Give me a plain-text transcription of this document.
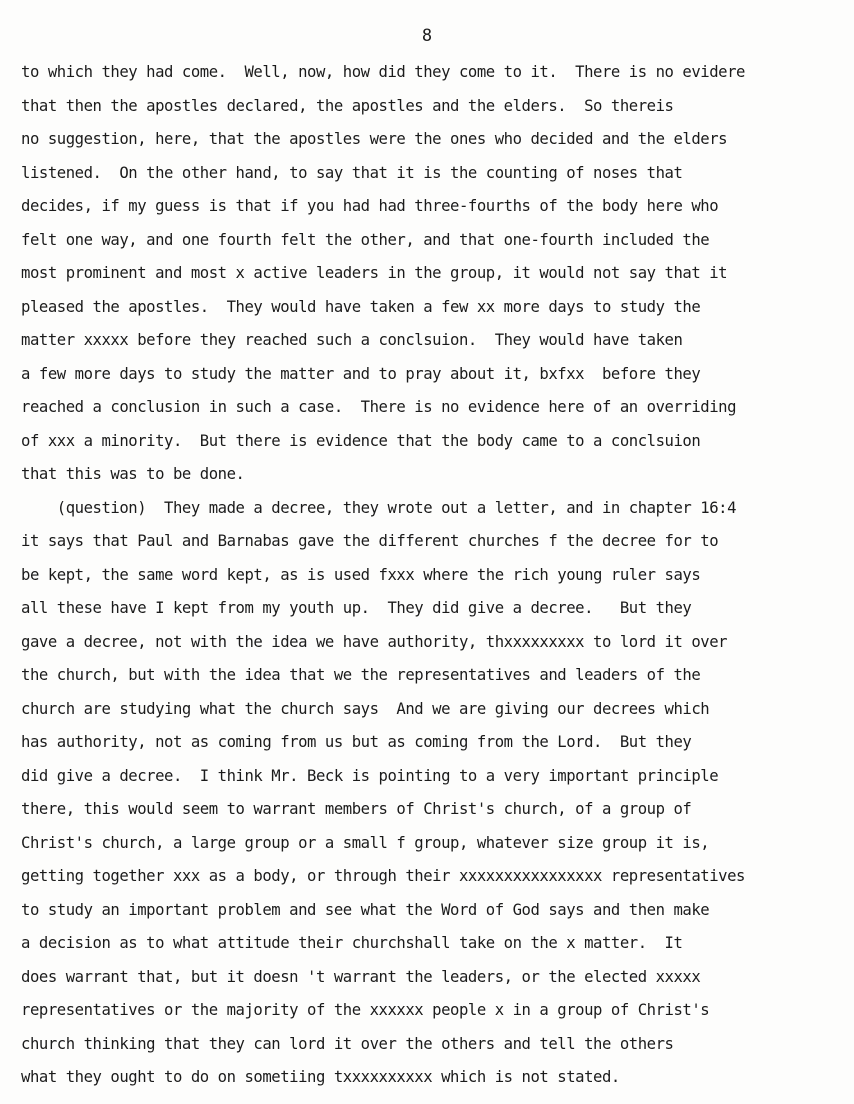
8
to which they had come.  Well, now, how did they come to it.  There is no evidere
that then the apostles declared, the apostles and the elders.  So thereis
no suggestion, here, that the apostles were the ones who decided and the elders
listened.  On the other hand, to say that it is the counting of noses that
decides, if my guess is that if you had had three-fourths of the body here who
felt one way, and one fourth felt the other, and that one-fourth included the
most prominent and most x active leaders in the group, it would not say that it
pleased the apostles.  They would have taken a few xx more days to study the
matter xxxxx before they reached such a conclsuion.  They would have taken
a few more days to study the matter and to pray about it, bxfxx  before they
reached a conclusion in such a case.  There is no evidence here of an overriding
of xxx a minority.  But there is evidence that the body came to a conclsuion
that this was to be done.
(question)  They made a decree, they wrote out a letter, and in chapter 16:4
it says that Paul and Barnabas gave the different churches f the decree for to
be kept, the same word kept, as is used fxxx where the rich young ruler says
all these have I kept from my youth up.  They did give a decree.   But they
gave a decree, not with the idea we have authority, thxxxxxxxxx to lord it over
the church, but with the idea that we the representatives and leaders of the
church are studying what the church says  And we are giving our decrees which
has authority, not as coming from us but as coming from the Lord.  But they
did give a decree.  I think Mr. Beck is pointing to a very important principle
there, this would seem to warrant members of Christ's church, of a group of
Christ's church, a large group or a small f group, whatever size group it is,
getting together xxx as a body, or through their xxxxxxxxxxxxxxxx representatives
to study an important problem and see what the Word of God says and then make
a decision as to what attitude their churchshall take on the x matter.  It
does warrant that, but it doesn 't warrant the leaders, or the elected xxxxx
representatives or the majority of the xxxxxx people x in a group of Christ's
church thinking that they can lord it over the others and tell the others
what they ought to do on sometiing txxxxxxxxxx which is not stated.
